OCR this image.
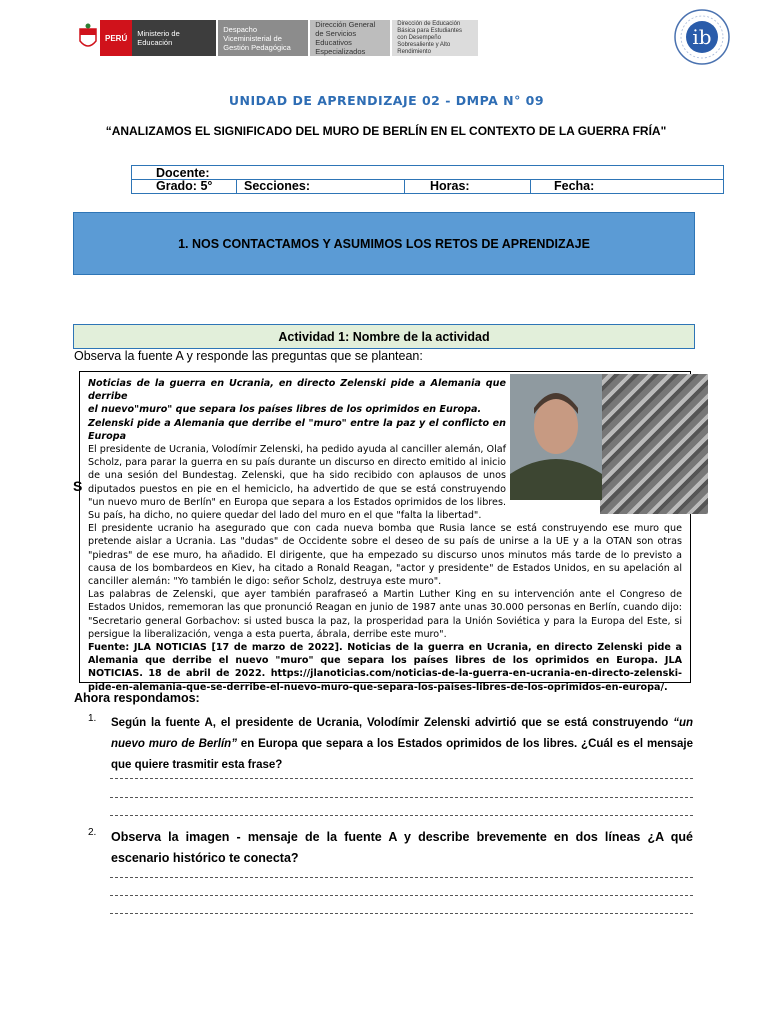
PERÚ	Ministerio de Educación
Despacho Viceministerial de Gestión Pedagógica
Dirección General de Servicios Educativos Especializados
Dirección de Educación Básica para Estudiantes con Desempeño Sobresaliente y Alto Rendimiento
ib
UNIDAD DE APRENDIZAJE 02 - DMPA N° 09
“ANALIZAMOS EL SIGNIFICADO DEL MURO DE BERLÍN EN EL CONTEXTO DE LA GUERRA FRÍA"
Docente:
Grado: 5°	Secciones:	Horas:	Fecha:
1. NOS CONTACTAMOS Y ASUMIMOS LOS RETOS DE APRENDIZAJE
Actividad 1: Nombre de la actividad
Observa la fuente A y responde las preguntas que se plantean:
S
Noticias de la guerra en Ucrania, en directo Zelenski pide a Alemania que derribe
el nuevo"muro" que separa los países libres de los oprimidos en Europa.
Zelenski pide a Alemania que derribe el "muro" entre la paz y el conflicto en Europa
El presidente de Ucrania, Volodímir Zelenski, ha pedido ayuda al canciller alemán, Olaf Scholz, para parar la guerra en su país durante un discurso en directo emitido al inicio de una sesión del Bundestag. Zelenski, que ha sido recibido con aplausos de unos diputados puestos en pie en el hemiciclo, ha advertido de que se está construyendo "un nuevo muro de Berlín" en Europa que separa a los Estados oprimidos de los libres. Su país, ha dicho, no quiere quedar del lado del muro en el que "falta la libertad".
El presidente ucranio ha asegurado que con cada nueva bomba que Rusia lance se está construyendo ese muro que pretende aislar a Ucrania. Las "dudas" de Occidente sobre el deseo de su país de unirse a la UE y a la OTAN son otras "piedras" de ese muro, ha añadido. El dirigente, que ha empezado su discurso unos minutos más tarde de lo previsto a causa de los bombardeos en Kiev, ha citado a Ronald Reagan, "actor y presidente" de Estados Unidos, en su apelación al canciller alemán: "Yo también le digo: señor Scholz, destruya este muro".
Las palabras de Zelenski, que ayer también parafraseó a Martin Luther King en su intervención ante el Congreso de Estados Unidos, rememoran las que pronunció Reagan en junio de 1987 ante unas 30.000 personas en Berlín, cuando dijo: "Secretario general Gorbachov: si usted busca la paz, la prosperidad para la Unión Soviética y para la Europa del Este, si persigue la liberalización, venga a esta puerta, ábrala, derribe este muro".
Fuente: JLA NOTICIAS [17 de marzo de 2022]. Noticias de la guerra en Ucrania, en directo Zelenski pide a Alemania que derribe el nuevo "muro" que separa los países libres de los oprimidos en Europa. JLA NOTICIAS. 18 de abril de 2022. https://jlanoticias.com/noticias-de-la-guerra-en-ucrania-en-directo-zelenski-pide-en-alemania-que-se-derribe-el-nuevo-muro-que-separa-los-paises-libres-de-los-oprimidos-en-europa/.
Ahora respondamos:
1. Según la fuente A, el presidente de Ucrania, Volodímir Zelenski advirtió que se está construyendo “un nuevo muro de Berlín” en Europa que separa a los Estados oprimidos de los libres. ¿Cuál es el mensaje que quiere trasmitir esta frase?
2. Observa la imagen - mensaje de la fuente A y describe brevemente en dos líneas ¿A qué escenario histórico te conecta?
